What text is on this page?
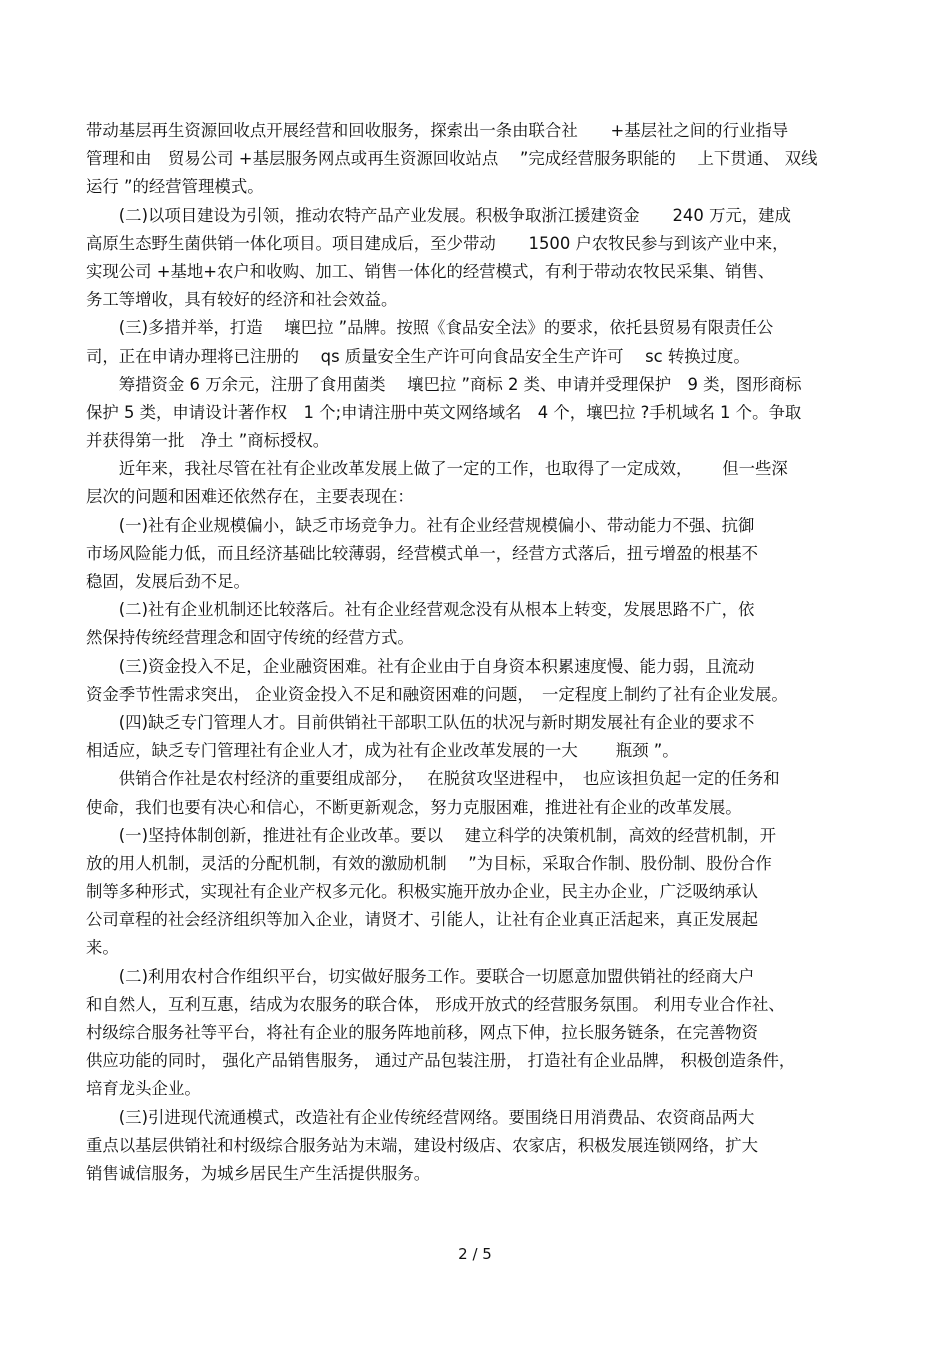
带动基层再生资源回收点开展经营和回收服务，探索出一条由联合社　　+基层社之间的行业指导
管理和由　贸易公司 +基层服务网点或再生资源回收站点　 ”完成经营服务职能的　 上下贯通、 双线
运行 ”的经营管理模式。
　　(二)以项目建设为引领，推动农特产品产业发展。积极争取浙江援建资金　　240 万元，建成
高原生态野生菌供销一体化项目。项目建成后，至少带动　　1500 户农牧民参与到该产业中来，
实现公司 +基地+农户和收购、加工、销售一体化的经营模式，有利于带动农牧民采集、销售、
务工等增收，具有较好的经济和社会效益。
　　(三)多措并举，打造　 壤巴拉 ”品牌。按照《食品安全法》的要求，依托县贸易有限责任公
司，正在申请办理将已注册的　 qs 质量安全生产许可向食品安全生产许可　 sc 转换过度。
　　筹措资金 6 万余元，注册了食用菌类　 壤巴拉 ”商标 2 类、申请并受理保护　9 类，图形商标
保护 5 类，申请设计著作权　1 个;申请注册中英文网络域名　4 个，壤巴拉 ?手机域名 1 个。争取
并获得第一批　净土 ”商标授权。
　　近年来，我社尽管在社有企业改革发展上做了一定的工作，也取得了一定成效，　　 但一些深
层次的问题和困难还依然存在，主要表现在：
　　(一)社有企业规模偏小，缺乏市场竞争力。社有企业经营规模偏小、带动能力不强、抗御
市场风险能力低，而且经济基础比较薄弱，经营模式单一，经营方式落后，扭亏增盈的根基不
稳固，发展后劲不足。
　　(二)社有企业机制还比较落后。社有企业经营观念没有从根本上转变，发展思路不广，依
然保持传统经营理念和固守传统的经营方式。
　　(三)资金投入不足，企业融资困难。社有企业由于自身资本积累速度慢、能力弱，且流动
资金季节性需求突出， 企业资金投入不足和融资困难的问题，　一定程度上制约了社有企业发展。
　　(四)缺乏专门管理人才。目前供销社干部职工队伍的状况与新时期发展社有企业的要求不
相适应，缺乏专门管理社有企业人才，成为社有企业改革发展的一大　　 瓶颈 ”。
　　供销合作社是农村经济的重要组成部分，　 在脱贫攻坚进程中，　也应该担负起一定的任务和
使命，我们也要有决心和信心，不断更新观念，努力克服困难，推进社有企业的改革发展。
　　(一)坚持体制创新，推进社有企业改革。要以　 建立科学的决策机制，高效的经营机制，开
放的用人机制，灵活的分配机制，有效的激励机制　 ”为目标，采取合作制、股份制、股份合作
制等多种形式，实现社有企业产权多元化。积极实施开放办企业，民主办企业，广泛吸纳承认
公司章程的社会经济组织等加入企业，请贤才、引能人，让社有企业真正活起来，真正发展起
来。
　　(二)利用农村合作组织平台，切实做好服务工作。要联合一切愿意加盟供销社的经商大户
和自然人，互利互惠，结成为农服务的联合体， 形成开放式的经营服务氛围。 利用专业合作社、
村级综合服务社等平台，将社有企业的服务阵地前移，网点下伸，拉长服务链条，在完善物资
供应功能的同时， 强化产品销售服务， 通过产品包装注册， 打造社有企业品牌， 积极创造条件，
培育龙头企业。
　　(三)引进现代流通模式，改造社有企业传统经营网络。要围绕日用消费品、农资商品两大
重点以基层供销社和村级综合服务站为末端，建设村级店、农家店，积极发展连锁网络，扩大
销售诚信服务，为城乡居民生产生活提供服务。
2 / 5
